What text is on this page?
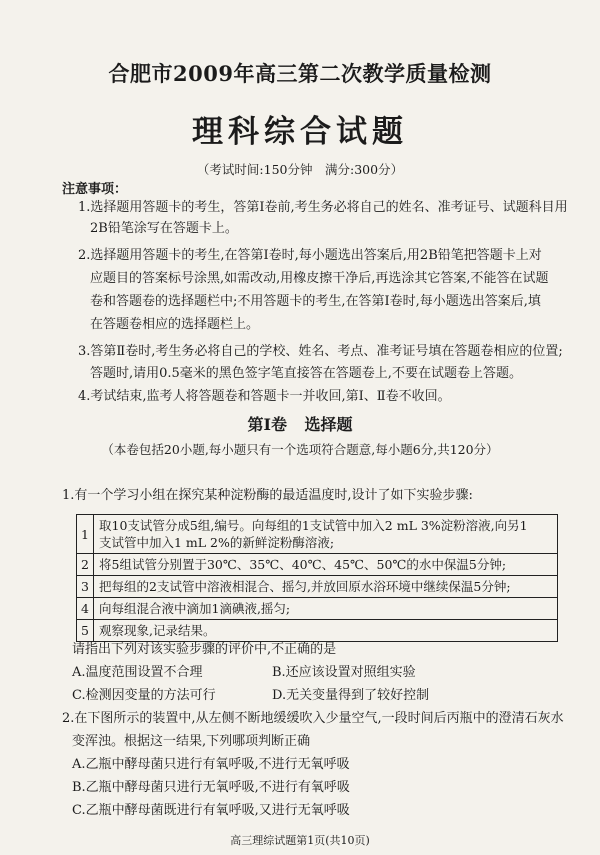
合肥市2009年高三第二次教学质量检测
理科综合试题
（考试时间:150分钟　满分:300分）
注意事项：
1.选择题用答题卡的考生，答第Ⅰ卷前,考生务必将自己的姓名、准考证号、试题科目用
2B铅笔涂写在答题卡上。
2.选择题用答题卡的考生,在答第Ⅰ卷时,每小题选出答案后,用2B铅笔把答题卡上对
应题目的答案标号涂黑,如需改动,用橡皮擦干净后,再选涂其它答案,不能答在试题
卷和答题卷的选择题栏中;不用答题卡的考生,在答第Ⅰ卷时,每小题选出答案后,填
在答题卷相应的选择题栏上。
3.答第Ⅱ卷时,考生务必将自己的学校、姓名、考点、准考证号填在答题卷相应的位置;
答题时,请用0.5毫米的黑色签字笔直接答在答题卷上,不要在试题卷上答题。
4.考试结束,监考人将答题卷和答题卡一并收回,第Ⅰ、Ⅱ卷不收回。
第Ⅰ卷 选择题
（本卷包括20小题,每小题只有一个选项符合题意,每小题6分,共120分）
1.有一个学习小组在探究某种淀粉酶的最适温度时,设计了如下实验步骤:
1	取10支试管分成5组,编号。向每组的1支试管中加入2 mL 3%淀粉溶液,向另1
支试管中加入1 mL 2%的新鲜淀粉酶溶液;

2	将5组试管分别置于30℃、35℃、40℃、45℃、50℃的水中保温5分钟;
3	把每组的2支试管中溶液相混合、摇匀,并放回原水浴环境中继续保温5分钟;
4	向每组混合液中滴加1滴碘液,摇匀;
5	观察现象,记录结果。
请指出下列对该实验步骤的评价中,不正确的是
A.温度范围设置不合理	B.还应该设置对照组实验
C.检测因变量的方法可行	D.无关变量得到了较好控制
2.在下图所示的装置中,从左侧不断地缓缓吹入少量空气,一段时间后丙瓶中的澄清石灰水
变浑浊。根据这一结果,下列哪项判断正确
A.乙瓶中酵母菌只进行有氧呼吸,不进行无氧呼吸
B.乙瓶中酵母菌只进行无氧呼吸,不进行有氧呼吸
C.乙瓶中酵母菌既进行有氧呼吸,又进行无氧呼吸
高三理综试题第1页(共10页)
